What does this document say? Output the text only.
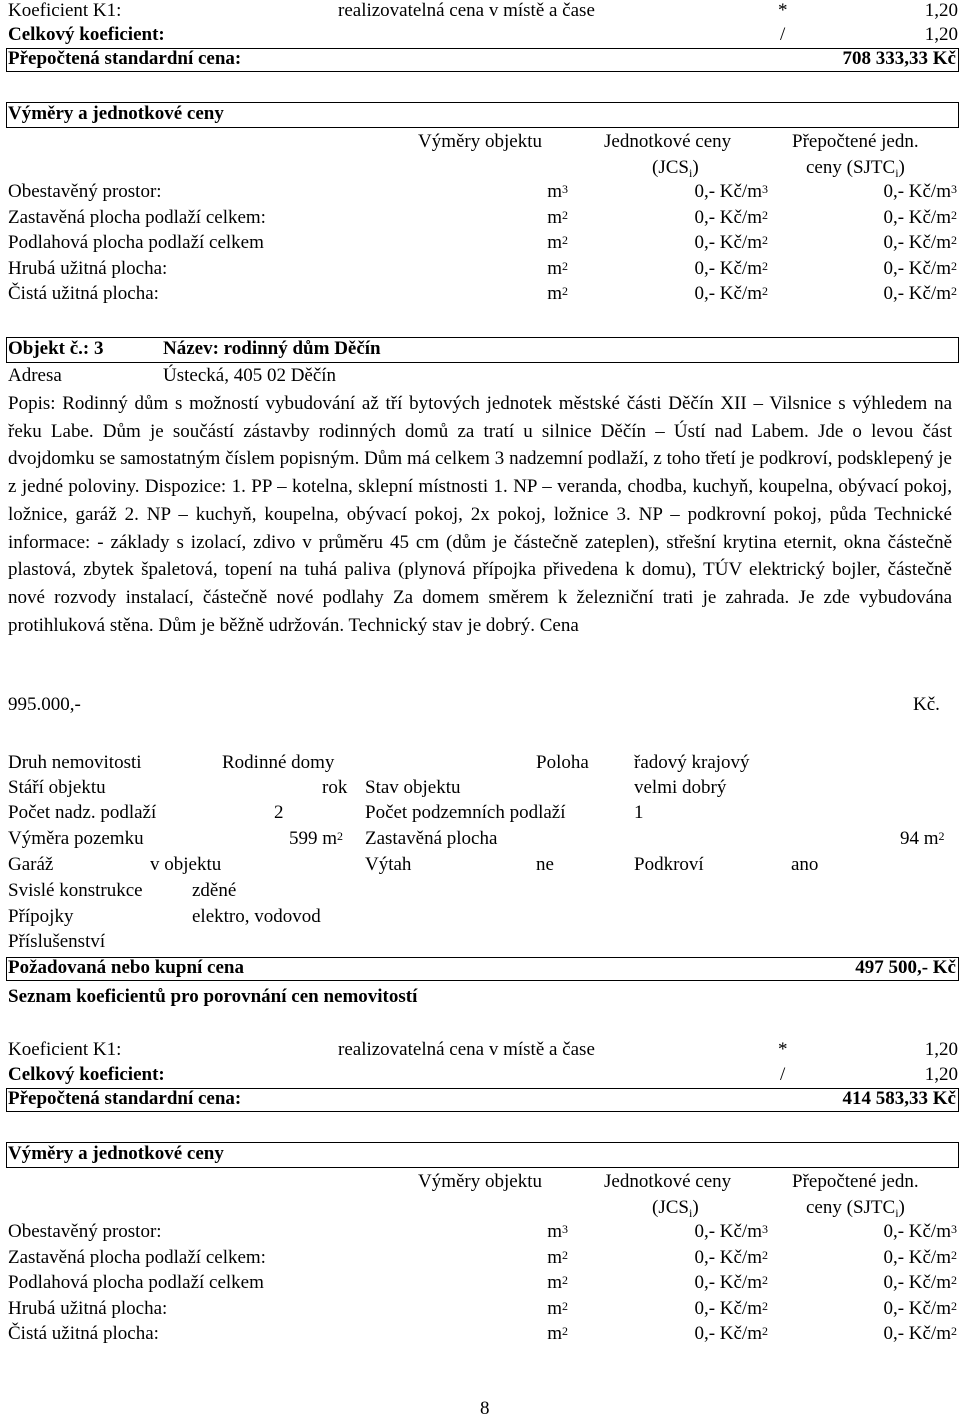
Koeficient K1:	realizovatelná cena v místě a čase	*	1,20
Celkový koeficient:	/	1,20
Přepočtená standardní cena:	708 333,33 Kč
Výměry a jednotkové ceny
Výměry objektu	Jednotkové ceny
$(JCS_i)$
Přepočtené jedn.
ceny $(SJTC_i)$
Obestavěný prostor:	$m^3$	0,- $Kč/m^3$	0,- $Kč/m^3$
Zastavěná plocha podlaží celkem:	$m^2$	0,- $Kč/m^2$	0,- $Kč/m^2$
Podlahová plocha podlaží celkem	$m^2$	0,- $Kč/m^2$	0,- $Kč/m^2$
Hrubá užitná plocha:	$m^2$	0,- $Kč/m^2$	0,- $Kč/m^2$
Čistá užitná plocha:	$m^2$	0,- $Kč/m^2$	0,- $Kč/m^2$
Objekt č.: 3	Název: rodinný dům Děčín
Adresa	Ústecká, 405 02 Děčín
Popis: Rodinný dům s možností vybudování až tří bytových jednotek městské části Děčín XII – Vilsnice s výhledem na řeku Labe. Dům je součástí zástavby rodinných domů za tratí u silnice Děčín – Ústí nad Labem. Jde o levou část dvojdomku se samostatným číslem popisným. Dům má celkem 3 nadzemní podlaží, z toho třetí je podkroví, podsklepený je z jedné poloviny. Dispozice: 1. PP – kotelna, sklepní místnosti 1. NP – veranda, chodba, kuchyň, koupelna, obývací pokoj, ložnice, garáž 2. NP – kuchyň, koupelna, obývací pokoj, 2x pokoj, ložnice 3. NP – podkrovní pokoj, půda Technické informace: - základy s izolací, zdivo v průměru 45 cm (dům je částečně zateplen), střešní krytina eternit, okna částečně plastová, zbytek špaletová, topení na tuhá paliva (plynová přípojka přivedena k domu), TÚV elektrický bojler, částečně nové rozvody instalací, částečně nové podlahy Za domem směrem k železniční trati je zahrada. Je zde vybudována protihluková stěna. Dům je běžně udržován. Technický stav je dobrý. Cena
995.000,-	Kč.
Druh nemovitosti	Rodinné domy	Poloha řadový krajový
Stáří objektu	rok Stav objektu	velmi dobrý
Počet nadz. podlaží	2	Počet podzemních podlaží	1
Výměra pozemku	599 $m^2$ Zastavěná plocha	94 $m^2$
Garáž	v objektu	Výtah	ne	Podkroví	ano
Svislé konstrukce	zděné
Přípojky	elektro, vodovod
Příslušenství
Požadovaná nebo kupní cena	497 500,- Kč
Seznam koeficientů pro porovnání cen nemovitostí
Koeficient K1:	realizovatelná cena v místě a čase	*	1,20
Celkový koeficient:	/	1,20
Přepočtená standardní cena:	414 583,33 Kč
Výměry a jednotkové ceny
Výměry objektu	Jednotkové ceny
$(JCS_i)$
Přepočtené jedn.
ceny $(SJTC_i)$
Obestavěný prostor:	$m^3$	0,- $Kč/m^3$	0,- $Kč/m^3$
Zastavěná plocha podlaží celkem:	$m^2$	0,- $Kč/m^2$	0,- $Kč/m^2$
Podlahová plocha podlaží celkem	$m^2$	0,- $Kč/m^2$	0,- $Kč/m^2$
Hrubá užitná plocha:	$m^2$	0,- $Kč/m^2$	0,- $Kč/m^2$
Čistá užitná plocha:	$m^2$	0,- $Kč/m^2$	0,- $Kč/m^2$
8
